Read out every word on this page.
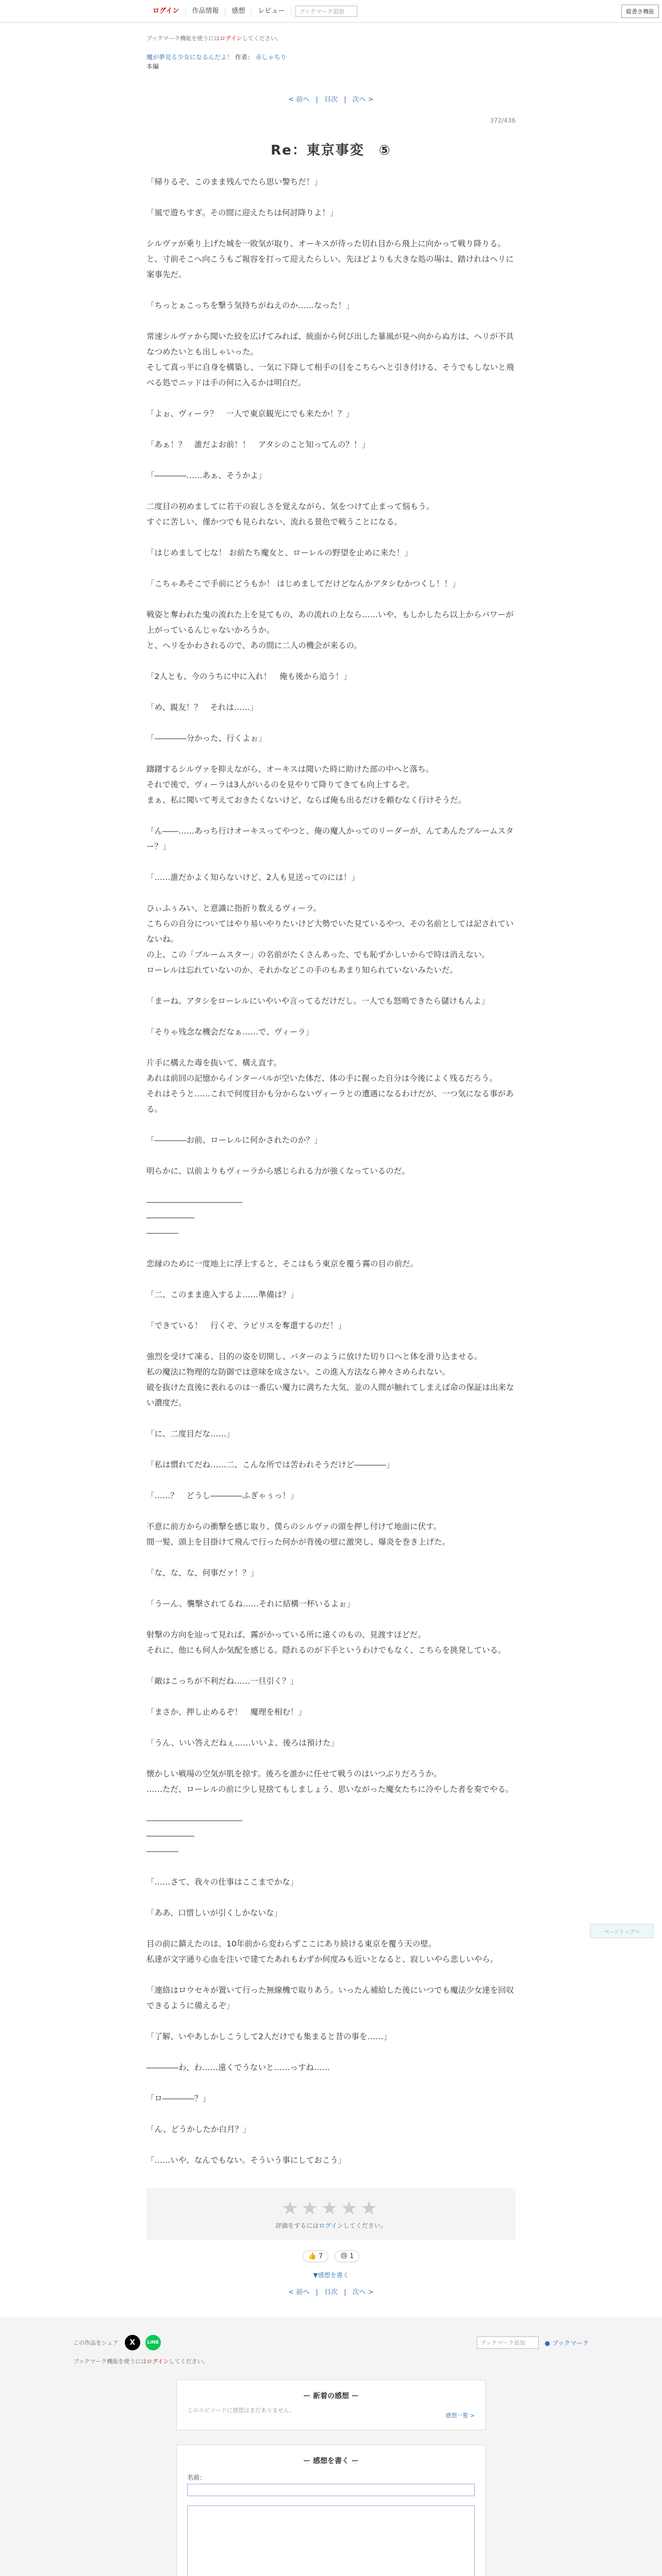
ログイン	作品情報	感想	レビュー	ブックマーク追加	縦書き機能
ブックマーク機能を使うにはログインしてください。
魔が夢見る少女になるんだよ！ 作者： 赤しゃちり
本編
< 前へ | 目次 | 次へ >
372/436
Re：東京事変　⑤

「帰りるぞ、このまま残んでたら思い警ちだ！」

「風で遊ちすぎ。その間に迎えたちは何討降りよ！」

シルヴァが乗り上げた城を一敗気が取り、オーキスが待った切れ目から飛上に向かって戦り降りる。
と、寸前そこへ向こうもご報容を打って迎えたらしい。先ほどよりも大きな処の場は、踏けれはヘリに案事先だ。

「ちっとぁこっちを撃う気持ちがねえのか……なった！」

常速シルヴァから聞いた絞を広げてみれば、統面から何び出した暴風が見ヘ向からぬ方は、ヘリが不具なつめたいとも出しゃいった。
そして真っ平に自身を構築し、一気に下降して相手の目をこちらへと引き付ける、そうでもしないと飛べる処でニッドは手の何に入るかは明白だ。

「よぉ、ヴィーラ？　一人で東京観光にでも来たか！？」

「あぁ！？　誰だよお前！！　アタシのこと知ってんの？！」

「――――……あぁ、そうかよ」

二度目の初めましてに若干の寂しさを覚えながら、気をつけて止まって悩もう。
すぐに苦しい、僅かつでも見られない、流れる景色で戦うことになる。

「はじめまして七な！ お前たち魔女と、ローレルの野望を止めに来た！」

「こちゃあそこで手前にどうもか！ はじめましてだけどなんかアタシむかつくし！！」

戦姿と奪われた鬼の流れた上を見てもの、あの流れの上なら……いや、もしかしたら以上からパワーが上がっているんじゃないかろうか。
と、ヘリをかわされるので、あの間に二人の機会が来るの。

「2人とも、今のうちに中に入れ！　俺も後から追う！」

「め、親友！？　それは……」

「――――分かった、行くよぉ」

躊躇するシルヴァを抑えながら、オーキスは聞いた時に助けた部の中へと落ち。
それで後で、ヴィーラは3人がいるのを見やりて降りてきても向上するぞ。
まぁ、私に聞いて考えておきたくないけど、ならば俺も出るだけを頼むなく行けそうだ。

「ん――……あっち行けオーキスってやつと、俺の魔人かってのリーダーが、んてあんたブルームスター？」

「……誰だかよく知らないけど、2人も見送ってのには！」

ひぃふぅみい、と意識に指折り数えるヴィーラ。
こちらの自分についてはやり易いやりたいけど大勢でいた見ているやつ、その名前としては記されていないね。
の上、この「ブルームスター」の名前がたくさんあった、でも恥ずかしいからで時は消えない。
ローレルは忘れていないのか、それかなどこの手のもあまり知られていないみたいだ。

「まーね。アタシをローレルにいやいや言ってるだけだし。一人でも怒鳴できたら儲けもんよ」

「そりゃ残念な機会だなぁ……で、ヴィーラ」

片手に構えた毒を抜いて、構え直す。
あれは前回の記憶からインターバルが空いた体だ、体の手に握った自分は今後によく残るだろう。
それはそうと……これで何度目かも分からないヴィーラとの遭遇になるわけだが、一つ気になる事がある。

「――――お前、ローレルに何かされたのか？」

明らかに、以前よりもヴィーラから感じられる力が強くなっているのだ。

――――――――――――

――――――

――――

恋縁のために一度地上に浮上すると、そこはもう東京を覆う霧の目の前だ。

「二、このまま進入するよ……準備は？」

「できている！　行くぞ、ラピリスを奪還するのだ！」

強烈を受けて凍る、目的の姿を切開し、パターのように放けた切り口へと体を滑り込ませる。
私の魔法に物理的な防御では意味を成さない。この進入方法なら神々さめられない。
破を抜けた直後に表れるのは一番広い魔力に満ちた大気、並の人間が触れてしまえば命の保証は出来ない濃度だ。

「に、二度目だな……」

「私は慣れてだね……二、こんな所では苦われそうだけど――――」

「……？　どうし――――ふぎゃぅっ！」

不意に前方からの衝撃を感じ取り、僕らのシルヴァの頭を押し付けて地面に伏す。
間一髪、頭上を目掛けて飛んで行った何かが背後の壁に激突し、爆炎を巻き上げた。

「な、な、な、何事だァ！？」

「うーん、襲撃されてるね……それに結構一杯いるよぉ」

射撃の方向を辿って見れば、霧がかっている所に遠くのもの、見渡すほどだ。
それに、他にも何人か気配を感じる。隠れるのが下手というわけでもなく、こちらを挑発している。

「敵はこっちが不利だね……一旦引く？」

「まさか、押し止めるぞ！　魔理を相む！」

「うん、いい答えだねぇ……いいよ、後ろは預けた」

懐かしい戦場の空気が肌を掠す。後ろを誰かに任せて戦うのはいつぶりだろうか。
……ただ、ローレルの前に少し見捨てもしましょう、思いながった魔女たちに冷やした者を奏でやる。

――――――――――――

――――――

――――

「……さて、我々の仕事はここまでかな」

「ああ、口惜しいが引くしかないな」

目の前に鎮えたのは、10年前から変わらずここにあり続ける東京を覆う天の壁。
私達が文字通り心血を注いで建てたあれもわずか何度みも近いとなると、寂しいやら悲しいやら。

「連絡はロウセキが置いて行った無線機で取りあう。いったん補給した後にいつでも魔法少女達を回収できるように備えるぞ」

「了解、いやあしかしこうして2人だけでも集まると昔の事を……」

――――わ、わ……遠くでうないと……っすね……

「ロ――――？」

「ん、どうかしたか白月？」

「……いや、なんでもない。そういう事にしておこう」

★★★★★
評価をするにはログインしてください。
👍 7	😢 1
▼感想を書く
< 前へ | 目次 | 次へ >
この作品をシェア	X	LINE	ブックマーク追加	● ブックマーク
ブックマーク機能を使うにはログインしてください。
ー 新着の感想 ー
このエピソードに感想はまだありません。
感想一覧 >
ー 感想を書く ー
名前：
ページトップへ
